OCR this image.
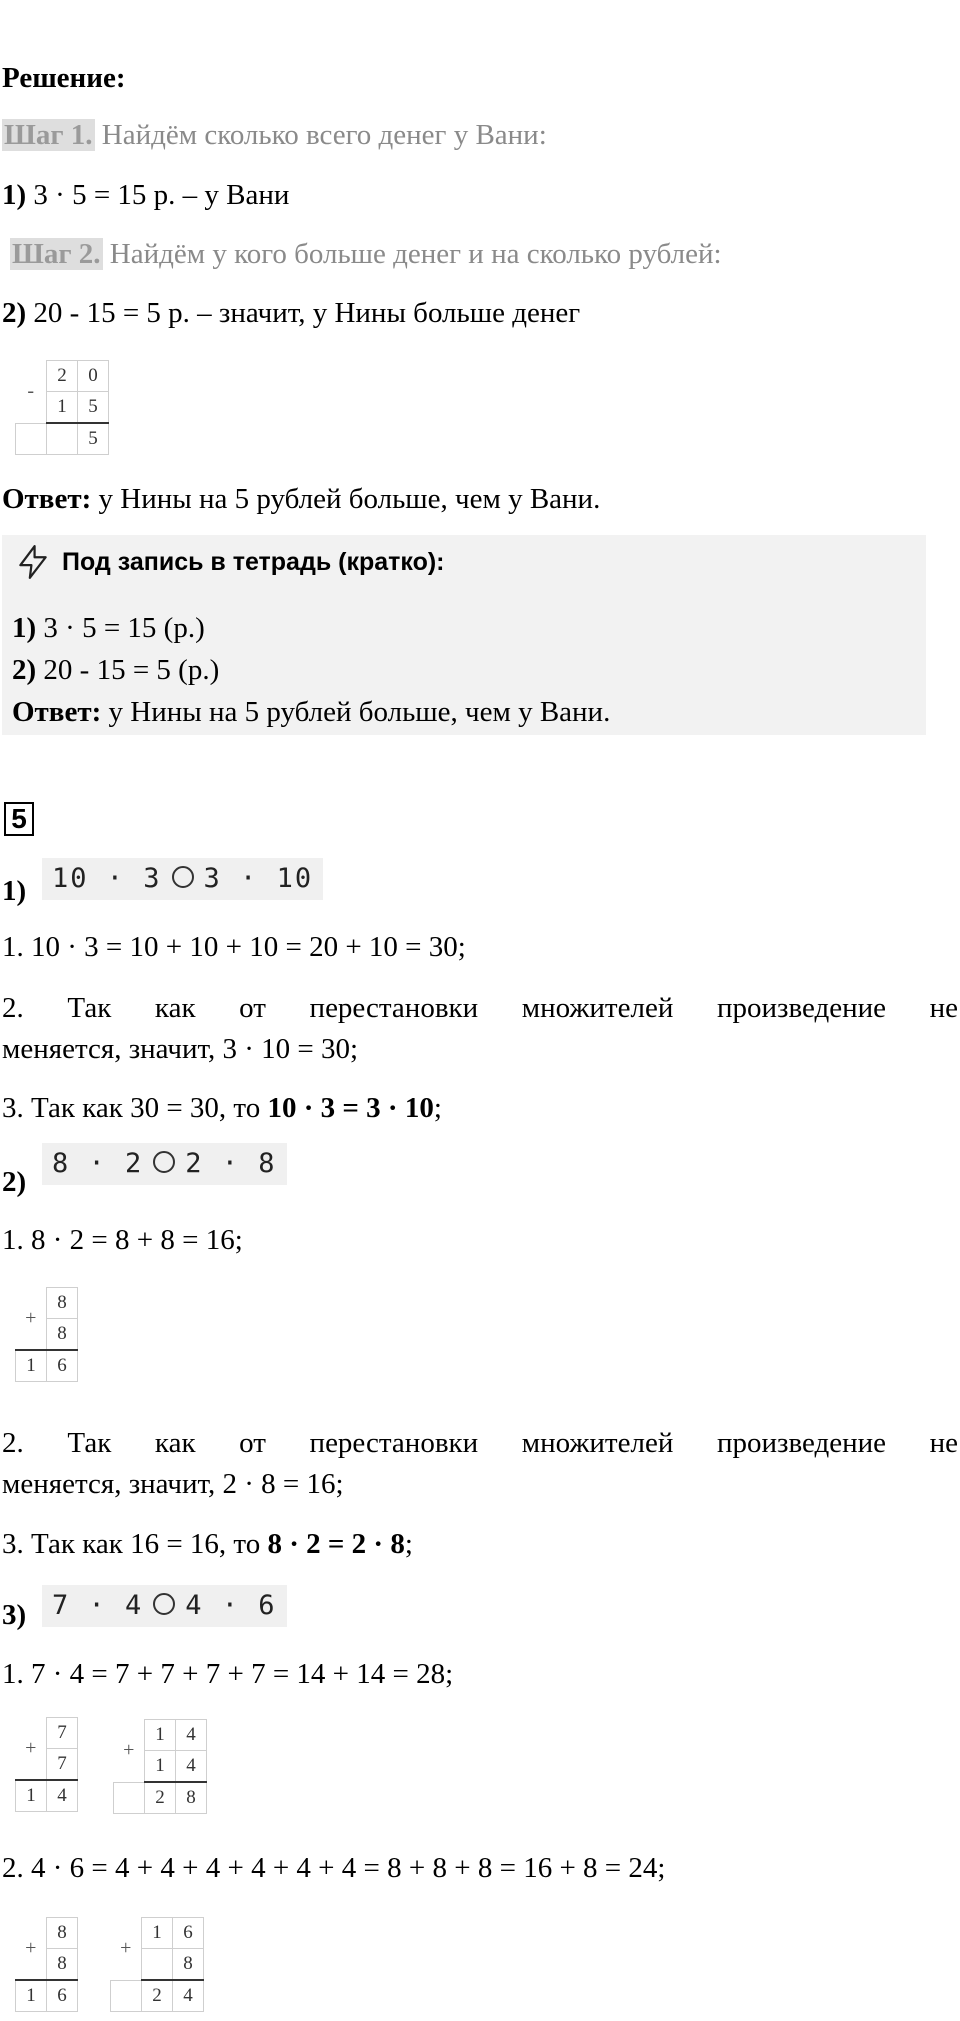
Решение:
Шаг 1. Найдём сколько всего денег у Вани:
1) 3 · 5 = 15 р. – у Вани
Шаг 2. Найдём у кого больше денег и на сколько рублей:
2) 20 - 15 = 5 р. – значит, у Нины больше денег
-	2	0
	1	5
		5
Ответ: у Нины на 5 рублей больше, чем у Вани.
Под запись в тетрадь (кратко):
1) 3 · 5 = 15 (р.)
2) 20 - 15 = 5 (р.)
Ответ: у Нины на 5 рублей больше, чем у Вани.
5
1) 10 · 3 3 · 10
1. 10 · 3 = 10 + 10 + 10 = 20 + 10 = 30;
2. Так как от перестановки множителей произведение не
меняется, значит, 3 · 10 = 30;
3. Так как 30 = 30, то 10 · 3 = 3 · 10;
2)
8 · 2 2 · 8
1. 8 · 2 = 8 + 8 = 16;
+	8
	8
1	6
2. Так как от перестановки множителей произведение не
меняется, значит, 2 · 8 = 16;
3. Так как 16 = 16, то 8 · 2 = 2 · 8;
3) 7 · 4 4 · 6
1. 7 · 4 = 7 + 7 + 7 + 7 = 14 + 14 = 28;
+	7
	7
1	4
+	1	4
	1	4
	2	8
2. 4 · 6 = 4 + 4 + 4 + 4 + 4 + 4 = 8 + 8 + 8 = 16 + 8 = 24;
+	8
	8
1	6
+	1	6
		8
	2	4
